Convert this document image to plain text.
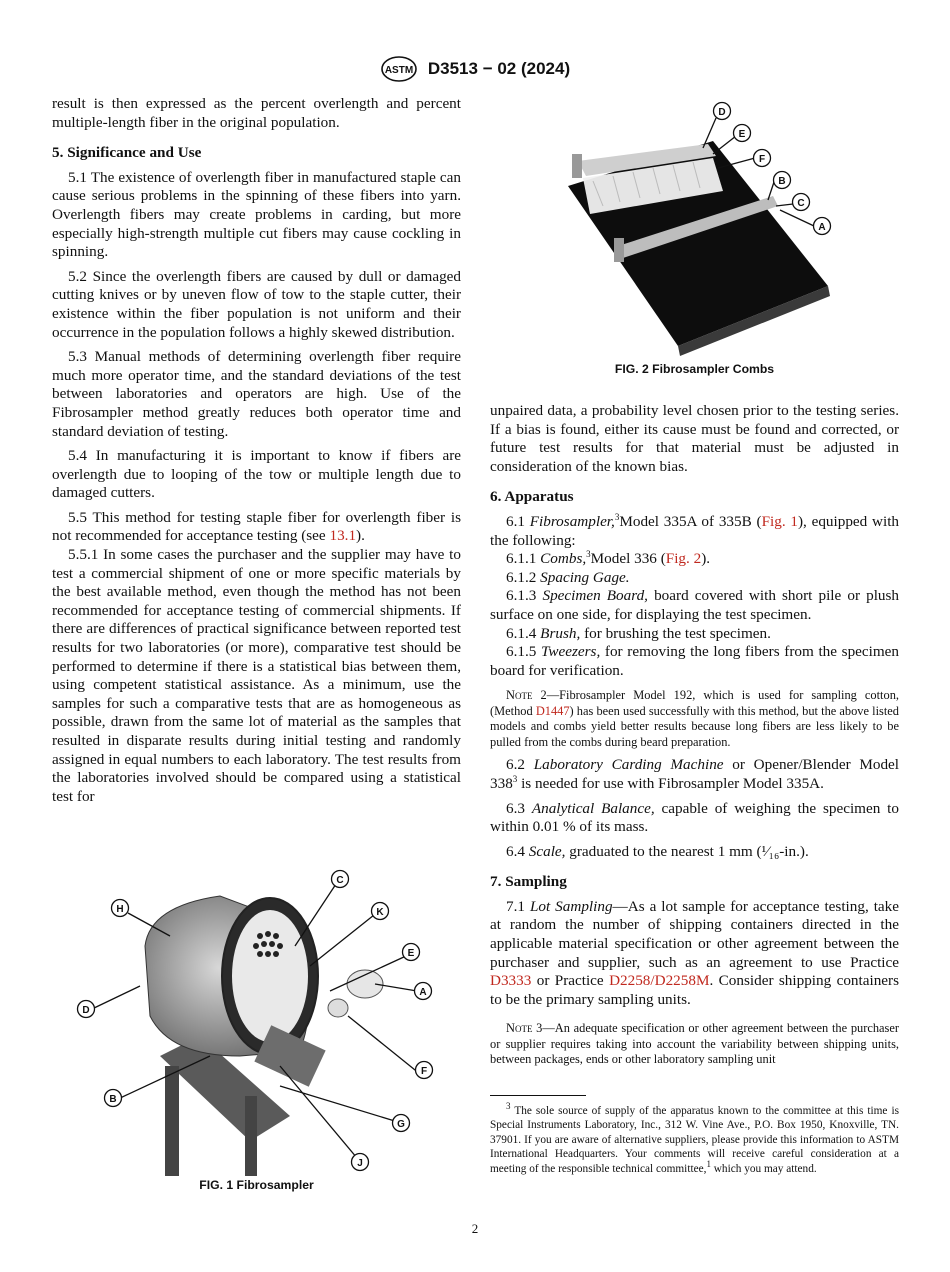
ASTM D3513 − 02 (2024)

result is then expressed as the percent overlength and percent multiple-length fiber in the original population.

5. Significance and Use

5.1 The existence of overlength fiber in manufactured staple can cause serious problems in the spinning of these fibers into yarn. Overlength fibers may create problems in carding, but more especially high-strength multiple cut fibers may cause cockling in spinning.

5.2 Since the overlength fibers are caused by dull or damaged cutting knives or by uneven flow of tow to the staple cutter, their existence within the fiber population is not uniform and their occurrence in the population follows a highly skewed distribution.

5.3 Manual methods of determining overlength fiber require much more operator time, and the standard deviations of the test between laboratories and operators are high. Use of the Fibrosampler method greatly reduces both operator time and standard deviation of testing.

5.4 In manufacturing it is important to know if fibers are overlength due to looping of the tow or multiple length due to damaged cutters.

5.5 This method for testing staple fiber for overlength fiber is not recommended for acceptance testing (see 13.1).

5.5.1 In some cases the purchaser and the supplier may have to test a commercial shipment of one or more specific materials by the best available method, even though the method has not been recommended for acceptance testing of commercial shipments. If there are differences of practical significance between reported test results for two laboratories (or more), comparative test should be performed to determine if there is a statistical bias between them, using competent statistical assistance. As a minimum, use the samples for such a comparative tests that are as homogeneous as possible, drawn from the same lot of material as the samples that resulted in disparate results during initial testing and randomly assigned in equal numbers to each laboratory. The test results from the laboratories involved should be compared using a statistical test for

H
C
K
E
A
D
F
B
G
J
FIG. 1 Fibrosampler
D
E
F
B
C
A
FIG. 2 Fibrosampler Combs

unpaired data, a probability level chosen prior to the testing series. If a bias is found, either its cause must be found and corrected, or future test results for that material must be adjusted in consideration of the known bias.

6. Apparatus

6.1 Fibrosampler,$^3$Model 335A of 335B (Fig. 1), equipped with the following:

6.1.1 Combs,$^3$Model 336 (Fig. 2).

6.1.2 Spacing Gage.

6.1.3 Specimen Board, board covered with short pile or plush surface on one side, for displaying the test specimen.

6.1.4 Brush, for brushing the test specimen.

6.1.5 Tweezers, for removing the long fibers from the specimen board for verification.

Note 2—Fibrosampler Model 192, which is used for sampling cotton, (Method D1447) has been used successfully with this method, but the above listed models and combs yield better results because long fibers are less likely to be pulled from the combs during beard preparation.

6.2 Laboratory Carding Machine or Opener/Blender Model $338^3$ is needed for use with Fibrosampler Model 335A.

6.3 Analytical Balance, capable of weighing the specimen to within 0.01 % of its mass.

6.4 Scale, graduated to the nearest 1 mm (¹⁄₁₆-in.).

7. Sampling

7.1 Lot Sampling—As a lot sample for acceptance testing, take at random the number of shipping containers directed in the applicable material specification or other agreement between the purchaser and supplier, such as an agreement to use Practice D3333 or Practice D2258/D2258M. Consider shipping containers to be the primary sampling units.

Note 3—An adequate specification or other agreement between the purchaser or supplier requires taking into account the variability between shipping units, between packages, ends or other laboratory sampling unit
$^3$ The sole source of supply of the apparatus known to the committee at this time is Special Instruments Laboratory, Inc., 312 W. Vine Ave., P.O. Box 1950, Knoxville, TN. 37901. If you are aware of alternative suppliers, please provide this information to ASTM International Headquarters. Your comments will receive careful consideration at a meeting of the responsible technical committee,$^1$ which you may attend.
2
